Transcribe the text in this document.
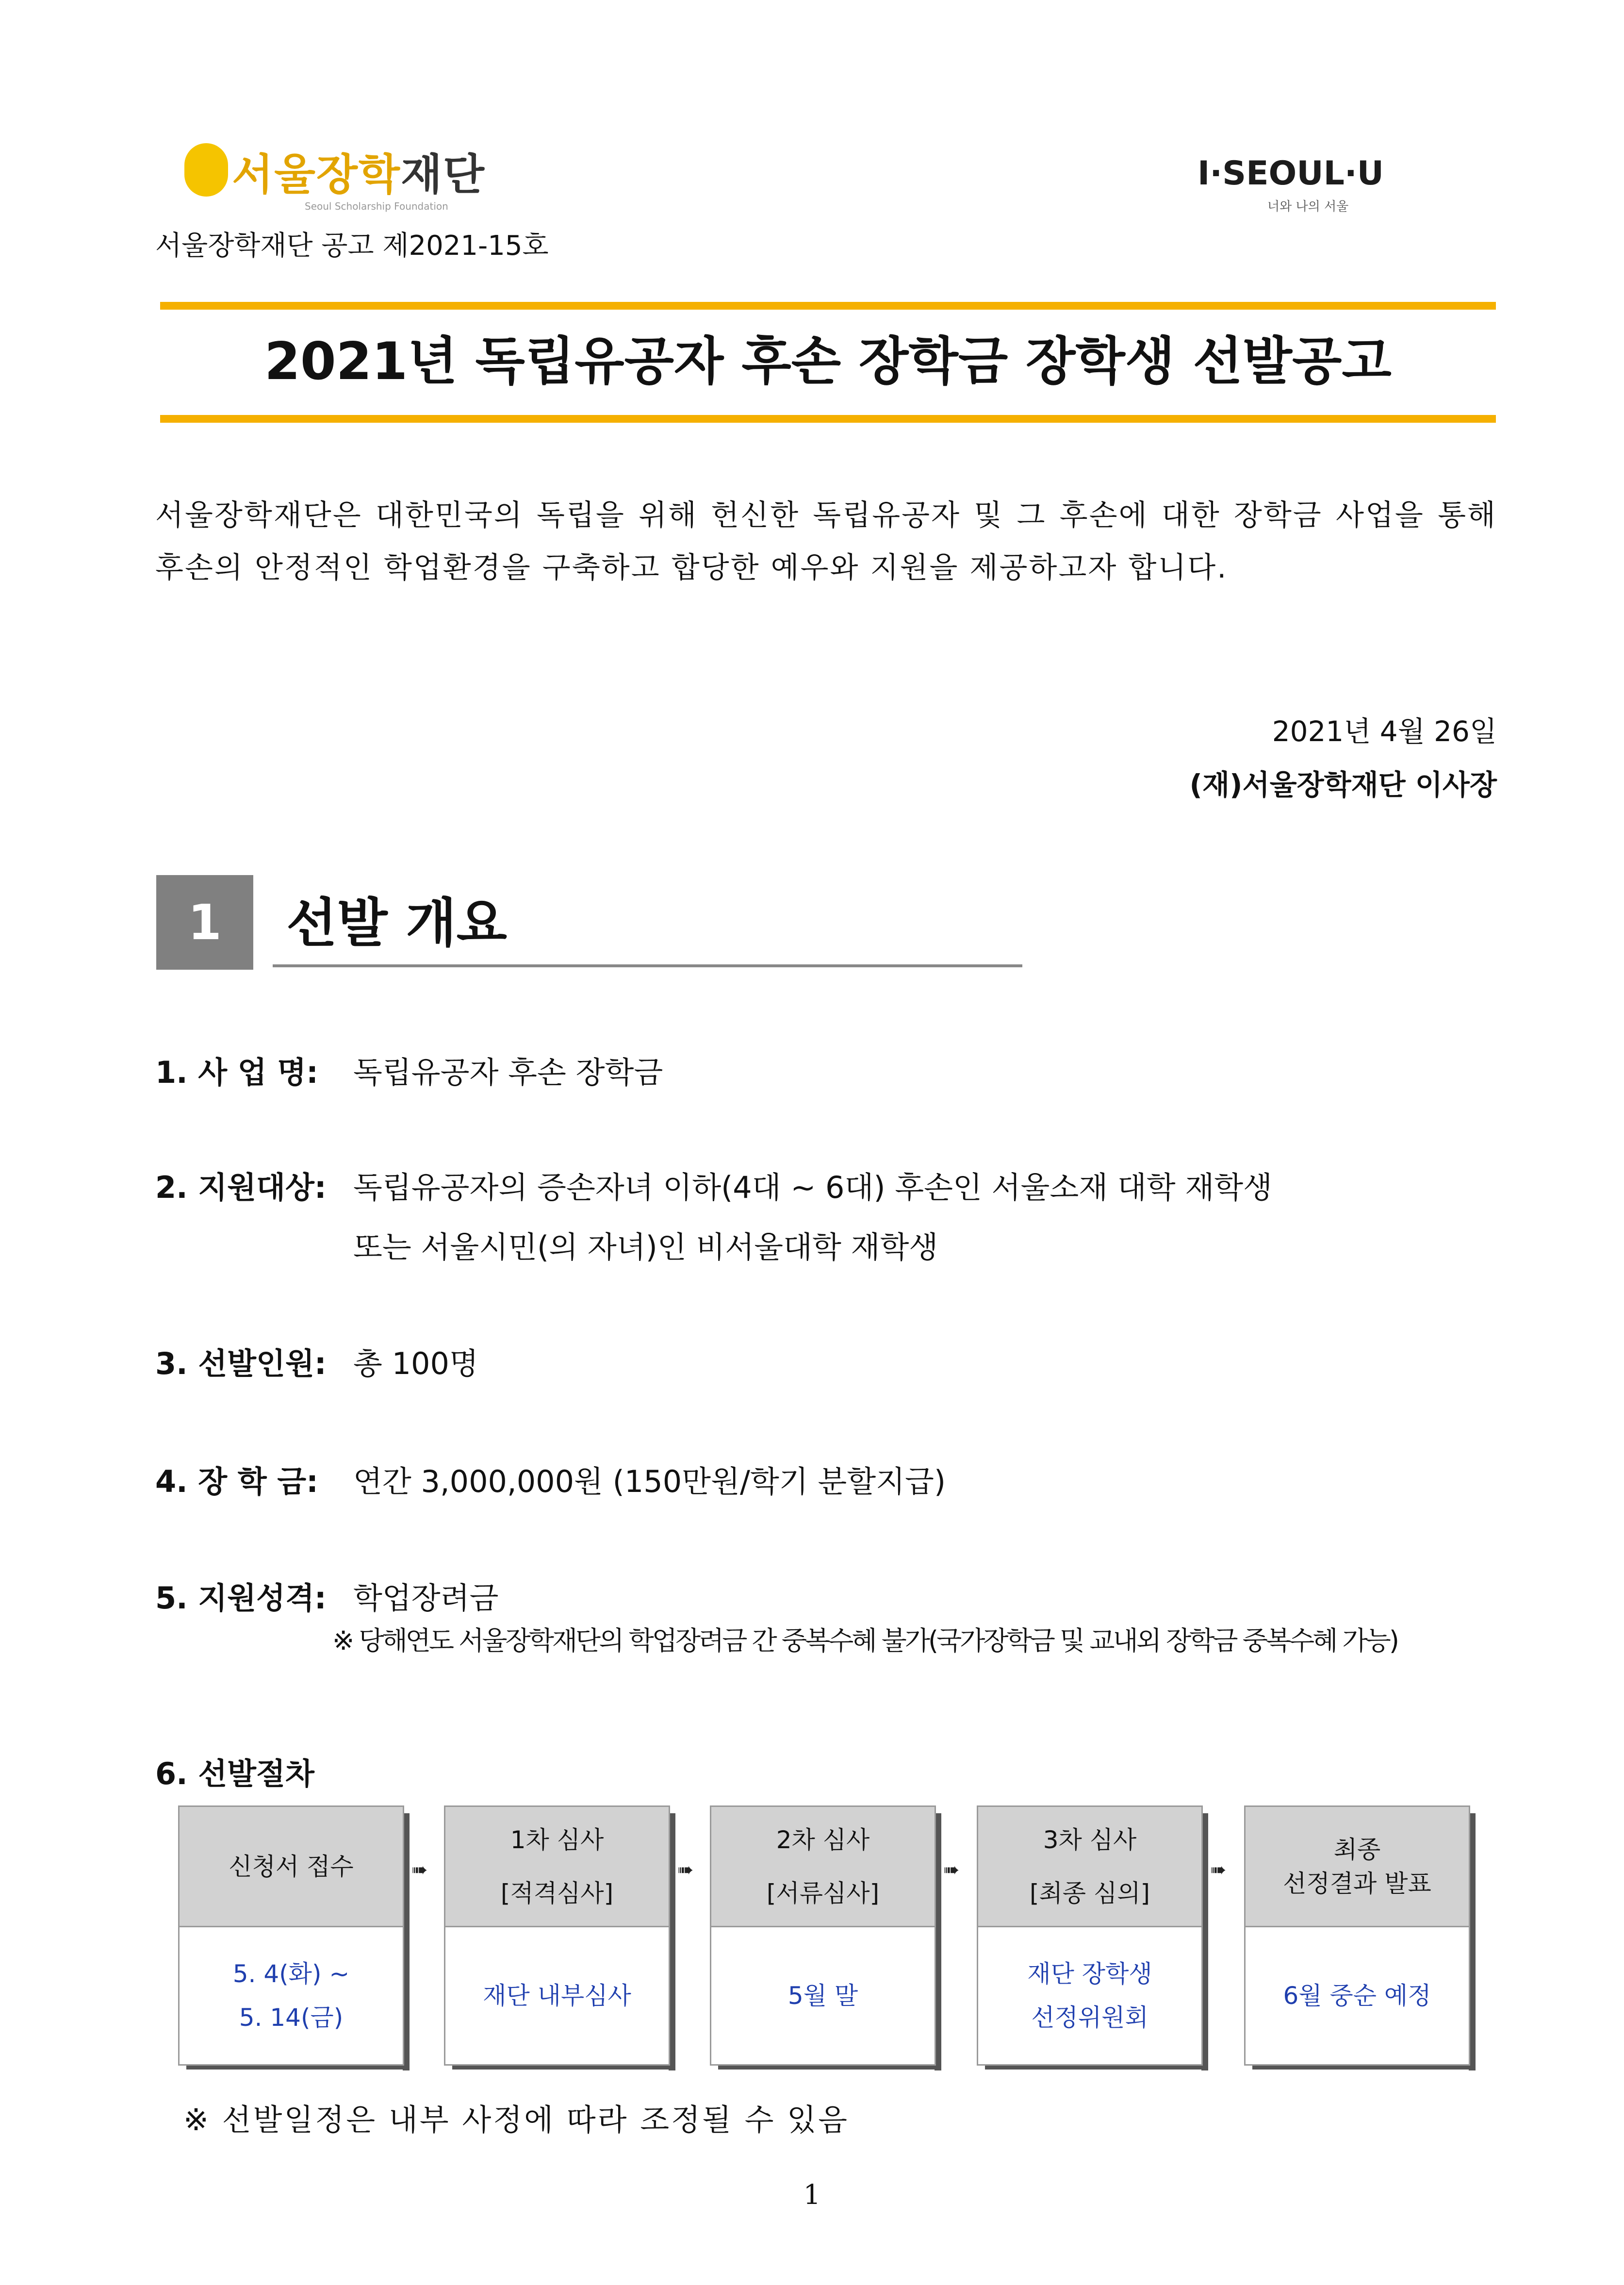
서울장학재단
Seoul Scholarship Foundation
I·SEOUL·U
너와 나의 서울
서울장학재단 공고 제2021-15호
2021년 독립유공자 후손 장학금 장학생 선발공고
서울장학재단은 대한민국의 독립을 위해 헌신한 독립유공자 및 그 후손에 대한 장학금 사업을 통해 후손의 안정적인 학업환경을 구축하고 합당한 예우와 지원을 제공하고자 합니다.
2021년 4월 26일
(재)서울장학재단 이사장
1	선발 개요
1. 사 업 명: 독립유공자 후손 장학금
2. 지원대상: 독립유공자의 증손자녀 이하(4대 ~ 6대) 후손인 서울소재 대학 재학생
또는 서울시민(의 자녀)인 비서울대학 재학생
3. 선발인원: 총 100명
4. 장 학 금: 연간 3,000,000원 (150만원/학기 분할지급)
5. 지원성격: 학업장려금
※ 당해연도 서울장학재단의 학업장려금 간 중복수혜 불가(국가장학금 및 교내외 장학금 중복수혜 가능)
6. 선발절차
신청서 접수
5. 4(화) ~
5. 14(금)
➠
1차 심사
[적격심사]
재단 내부심사
➠
2차 심사
[서류심사]
5월 말
➠
3차 심사
[최종 심의]
재단 장학생
선정위원회
➠
최종
선정결과 발표
6월 중순 예정
※ 선발일정은 내부 사정에 따라 조정될 수 있음
1
